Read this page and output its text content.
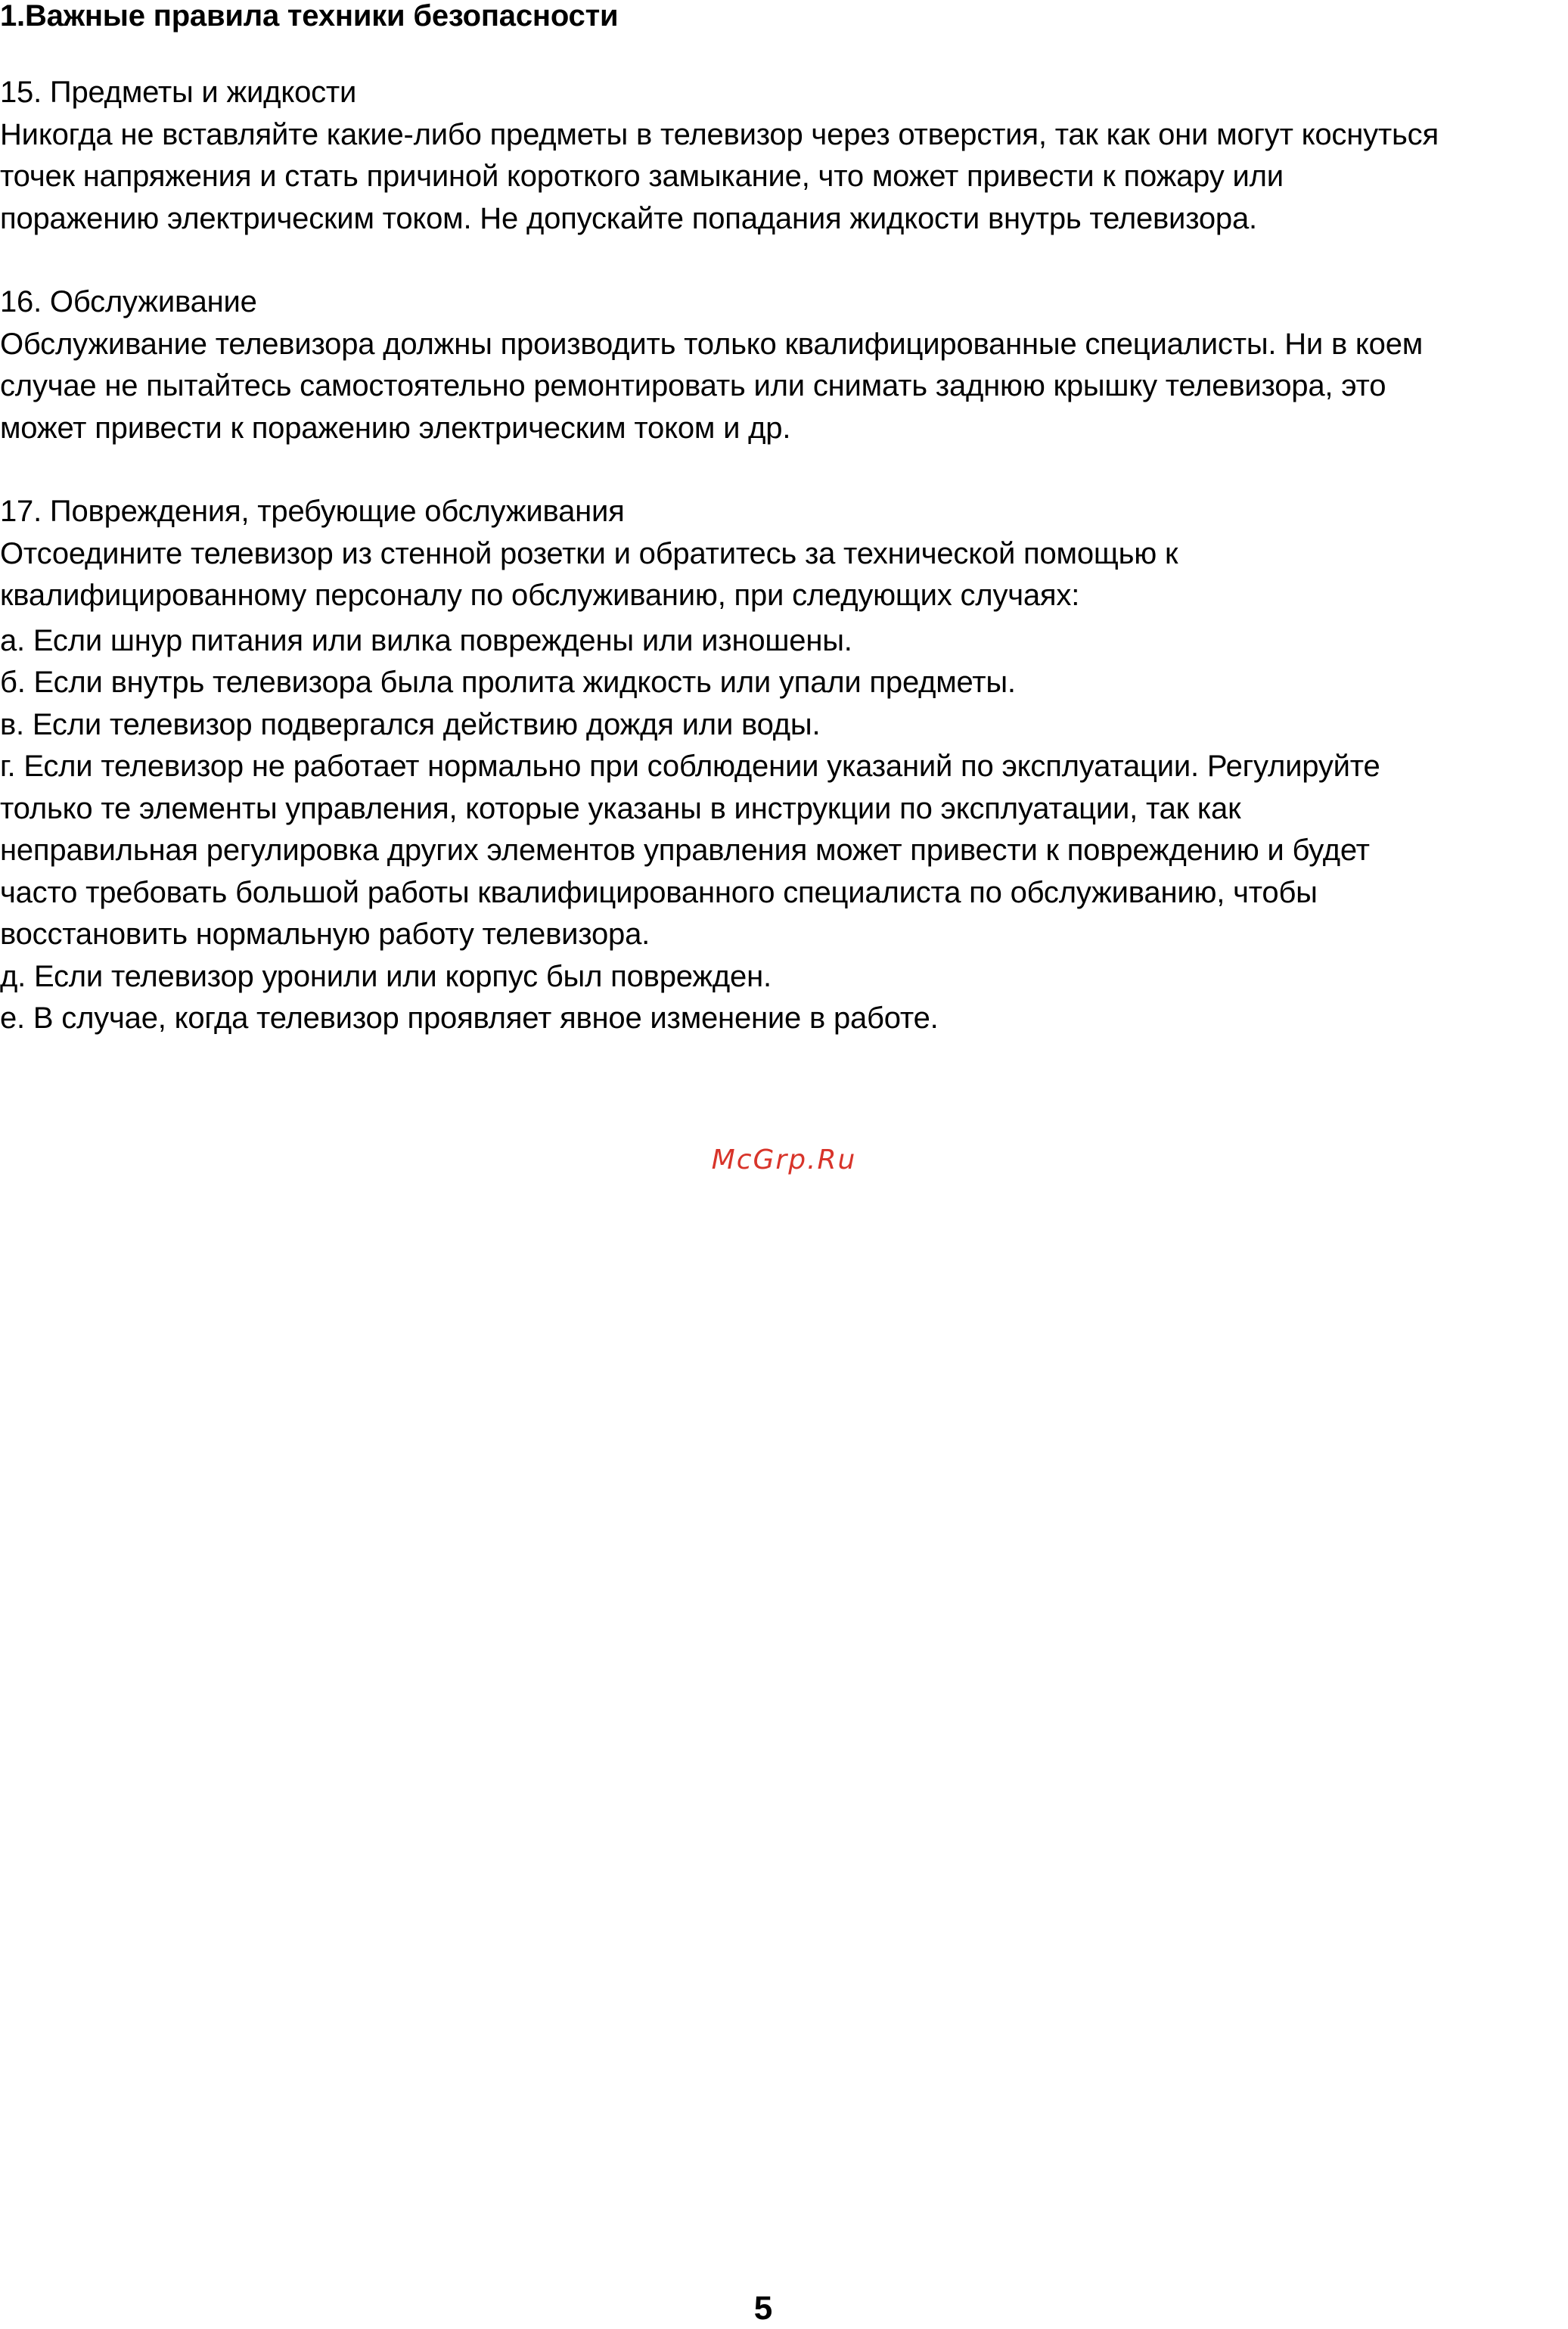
1.Важные правила техники безопасности
15. Предметы и жидкости
Никогда не вставляйте какие-либо предметы в телевизор через отверстия, так как они могут коснуться
точек напряжения и стать причиной короткого замыкание, что может привести к пожару или
поражению электрическим током. Не допускайте попадания жидкости внутрь телевизора.
16. Обслуживание
Обслуживание телевизора должны производить только квалифицированные специалисты. Ни в коем
случае не пытайтесь самостоятельно ремонтировать или снимать заднюю крышку телевизора, это
может привести к поражению электрическим током и др.
17. Повреждения, требующие обслуживания
Отсоедините телевизор из стенной розетки и обратитесь за технической помощью к
квалифицированному персоналу по обслуживанию, при следующих случаях:
а. Если шнур питания или вилка повреждены или изношены.
б. Если внутрь телевизора была пролита жидкость или упали предметы.
в. Если телевизор подвергался действию дождя или воды.
г. Если телевизор не работает нормально при соблюдении указаний по эксплуатации. Регулируйте
только те элементы управления, которые указаны в инструкции по эксплуатации, так как
неправильная регулировка других элементов управления может привести к повреждению и будет
часто требовать большой работы квалифицированного специалиста по обслуживанию, чтобы
восстановить нормальную работу телевизора.
д. Если телевизор уронили или корпус был поврежден.
е. В случае, когда телевизор проявляет явное изменение в работе.
McGrp.Ru
5
